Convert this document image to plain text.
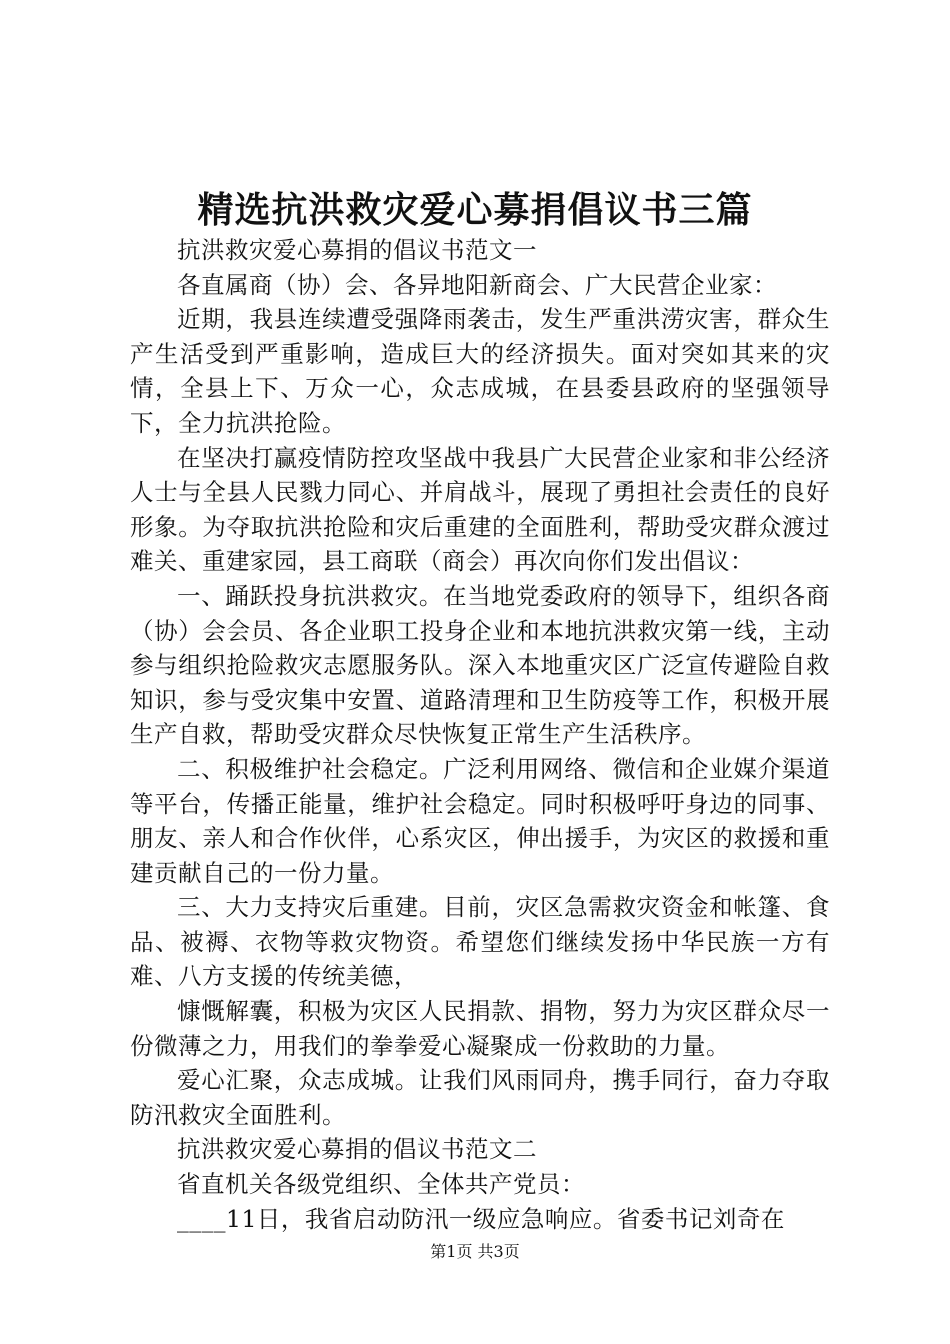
精选抗洪救灾爱心募捐倡议书三篇

抗洪救灾爱心募捐的倡议书范文一

各直属商（协）会、各异地阳新商会、广大民营企业家：

近期，我县连续遭受强降雨袭击，发生严重洪涝灾害，群众生产生活受到严重影响，造成巨大的经济损失。面对突如其来的灾情，全县上下、万众一心，众志成城，在县委县政府的坚强领导下，全力抗洪抢险。

在坚决打赢疫情防控攻坚战中我县广大民营企业家和非公经济人士与全县人民戮力同心、并肩战斗，展现了勇担社会责任的良好形象。为夺取抗洪抢险和灾后重建的全面胜利，帮助受灾群众渡过难关、重建家园，县工商联（商会）再次向你们发出倡议：

一、踊跃投身抗洪救灾。在当地党委政府的领导下，组织各商（协）会会员、各企业职工投身企业和本地抗洪救灾第一线，主动参与组织抢险救灾志愿服务队。深入本地重灾区广泛宣传避险自救知识，参与受灾集中安置、道路清理和卫生防疫等工作，积极开展生产自救，帮助受灾群众尽快恢复正常生产生活秩序。

二、积极维护社会稳定。广泛利用网络、微信和企业媒介渠道等平台，传播正能量，维护社会稳定。同时积极呼吁身边的同事、朋友、亲人和合作伙伴，心系灾区，伸出援手，为灾区的救援和重建贡献自己的一份力量。

三、大力支持灾后重建。目前，灾区急需救灾资金和帐篷、食品、被褥、衣物等救灾物资。希望您们继续发扬中华民族一方有难、八方支援的传统美德，

慷慨解囊，积极为灾区人民捐款、捐物，努力为灾区群众尽一份微薄之力，用我们的拳拳爱心凝聚成一份救助的力量。

爱心汇聚，众志成城。让我们风雨同舟，携手同行，奋力夺取防汛救灾全面胜利。

抗洪救灾爱心募捐的倡议书范文二

省直机关各级党组织、全体共产党员：

____11日，我省启动防汛一级应急响应。省委书记刘奇在

第1页 共3页
